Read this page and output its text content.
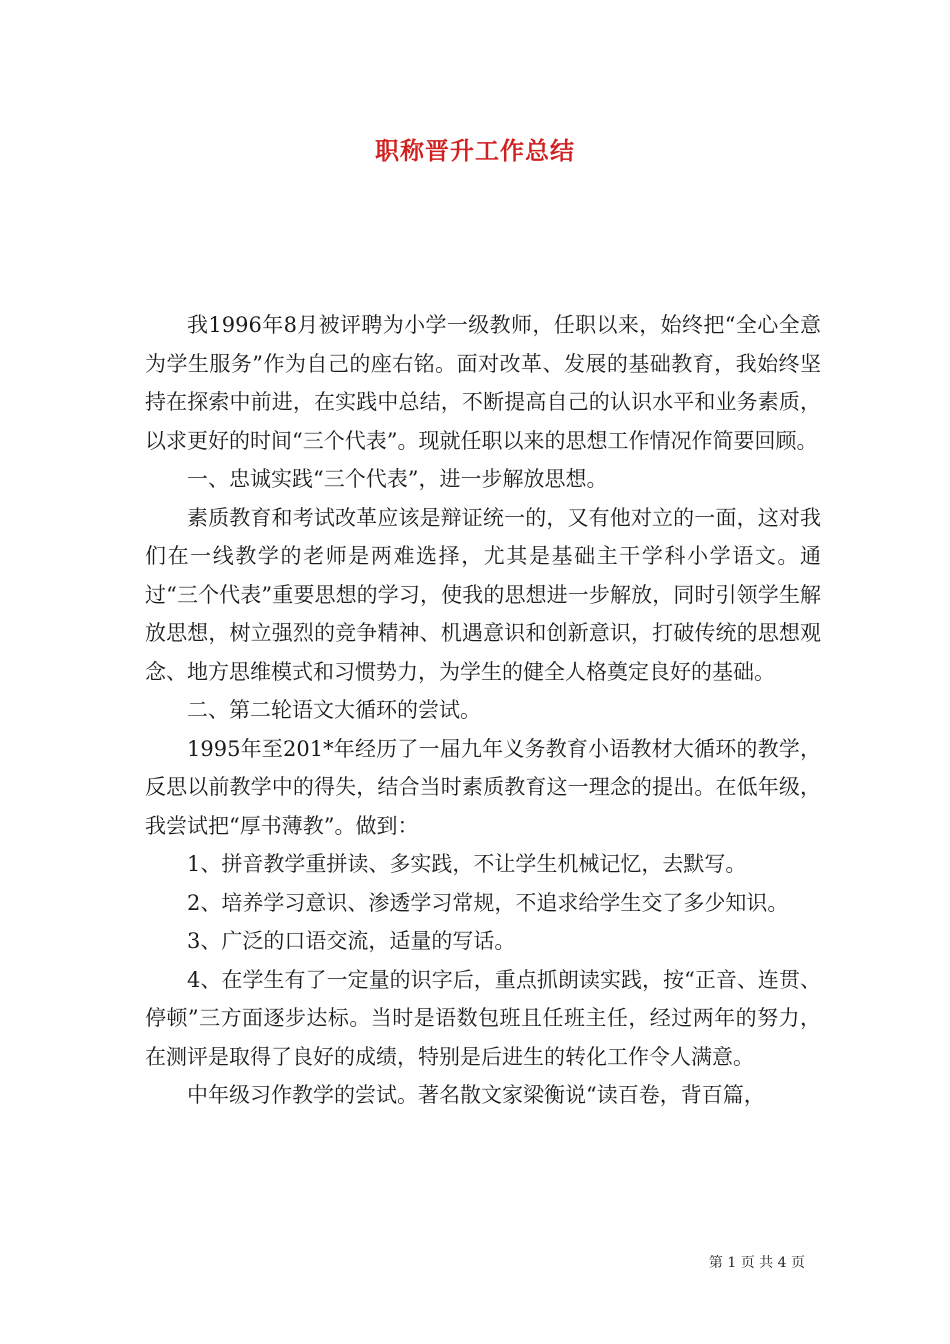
职称晋升工作总结

我1996年8月被评聘为小学一级教师，任职以来，始终把“全心全意为学生服务”作为自己的座右铭。面对改革、发展的基础教育，我始终坚持在探索中前进，在实践中总结，不断提高自己的认识水平和业务素质，以求更好的时间“三个代表”。现就任职以来的思想工作情况作简要回顾。

一、忠诚实践“三个代表”，进一步解放思想。

素质教育和考试改革应该是辩证统一的，又有他对立的一面，这对我们在一线教学的老师是两难选择，尤其是基础主干学科小学语文。通过“三个代表”重要思想的学习，使我的思想进一步解放，同时引领学生解放思想，树立强烈的竞争精神、机遇意识和创新意识，打破传统的思想观念、地方思维模式和习惯势力，为学生的健全人格奠定良好的基础。

二、第二轮语文大循环的尝试。

1995年至201*年经历了一届九年义务教育小语教材大循环的教学，反思以前教学中的得失，结合当时素质教育这一理念的提出。在低年级，我尝试把“厚书薄教”。做到：

1、拼音教学重拼读、多实践，不让学生机械记忆，去默写。

2、培养学习意识、渗透学习常规，不追求给学生交了多少知识。

3、广泛的口语交流，适量的写话。

4、在学生有了一定量的识字后，重点抓朗读实践，按“正音、连贯、停顿”三方面逐步达标。当时是语数包班且任班主任，经过两年的努力，在测评是取得了良好的成绩，特别是后进生的转化工作令人满意。

中年级习作教学的尝试。著名散文家梁衡说“读百卷，背百篇，

第 1 页 共 4 页
